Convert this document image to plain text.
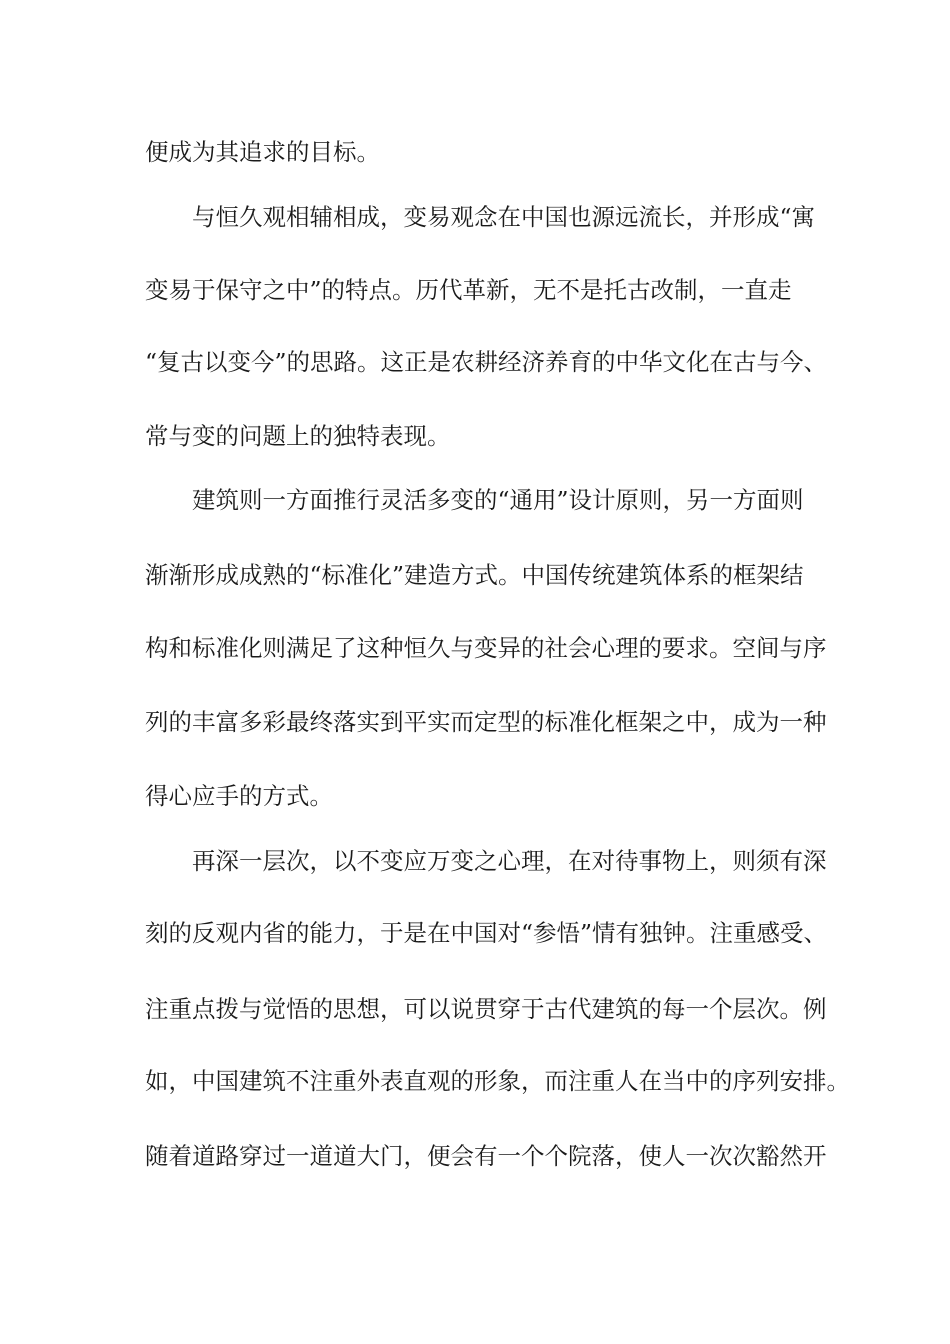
便成为其追求的目标。

与恒久观相辅相成，变易观念在中国也源远流长，并形成“寓

变易于保守之中”的特点。历代革新，无不是托古改制，一直走

“复古以变今”的思路。这正是农耕经济养育的中华文化在古与今、

常与变的问题上的独特表现。

建筑则一方面推行灵活多变的“通用”设计原则，另一方面则

渐渐形成成熟的“标准化”建造方式。中国传统建筑体系的框架结

构和标准化则满足了这种恒久与变异的社会心理的要求。空间与序

列的丰富多彩最终落实到平实而定型的标准化框架之中，成为一种

得心应手的方式。

再深一层次，以不变应万变之心理，在对待事物上，则须有深

刻的反观内省的能力，于是在中国对“参悟”情有独钟。注重感受、

注重点拨与觉悟的思想，可以说贯穿于古代建筑的每一个层次。例

如，中国建筑不注重外表直观的形象，而注重人在当中的序列安排。

随着道路穿过一道道大门，便会有一个个院落，使人一次次豁然开
